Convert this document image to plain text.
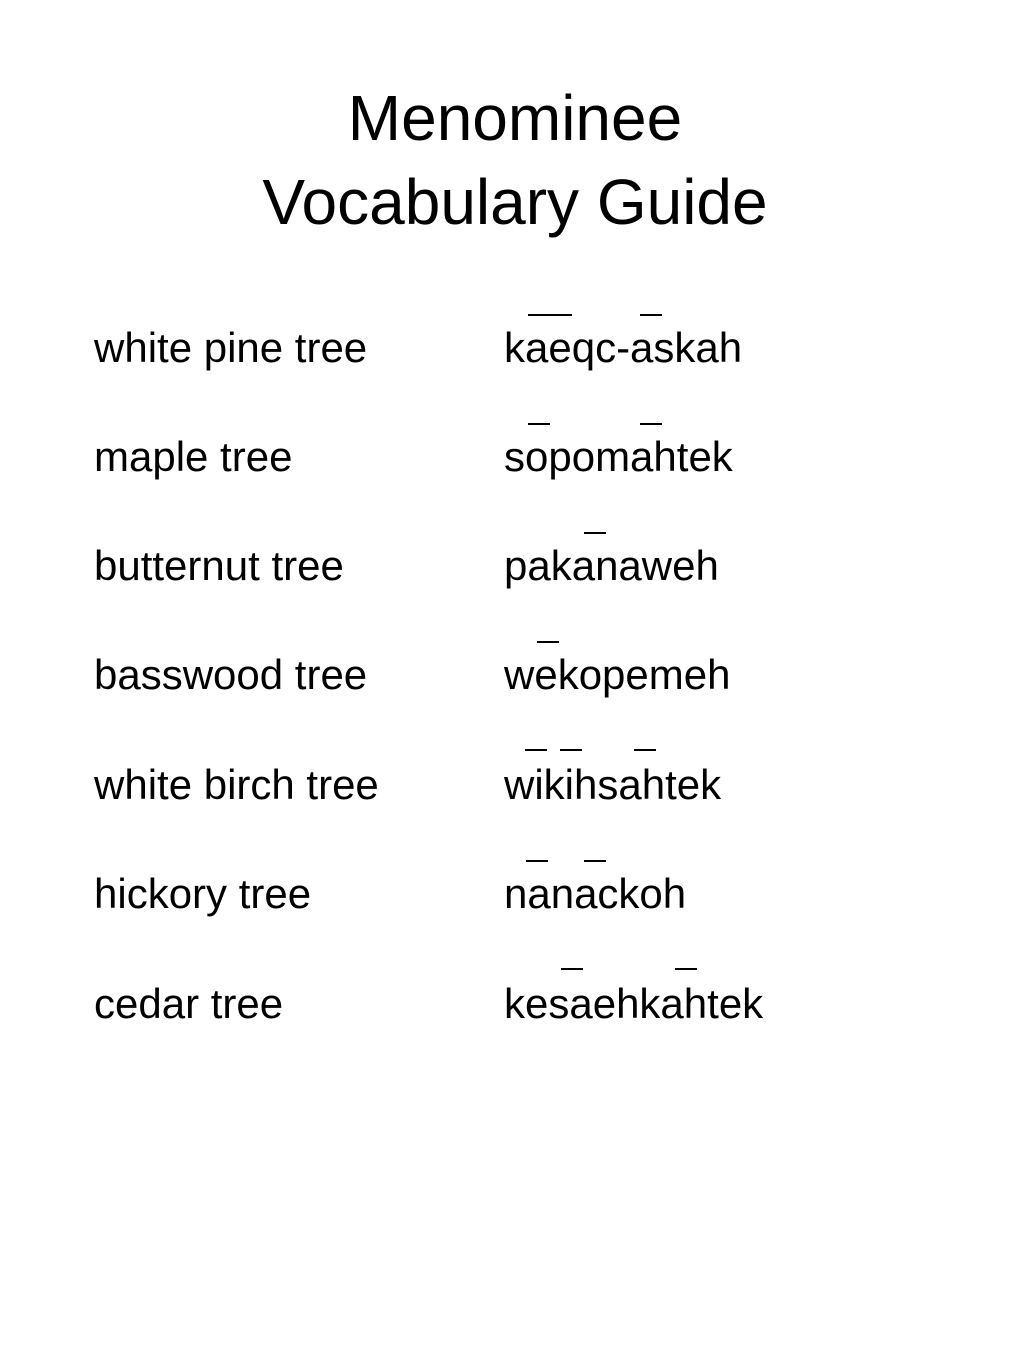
Menominee
Vocabulary Guide
white pine tree	kaeqc-askah
maple tree	sopomahtek
butternut tree	pakanaweh
basswood tree	wekopemeh
white birch tree	wikihsahtek
hickory tree	nanackoh
cedar tree	kesaehkahtek
